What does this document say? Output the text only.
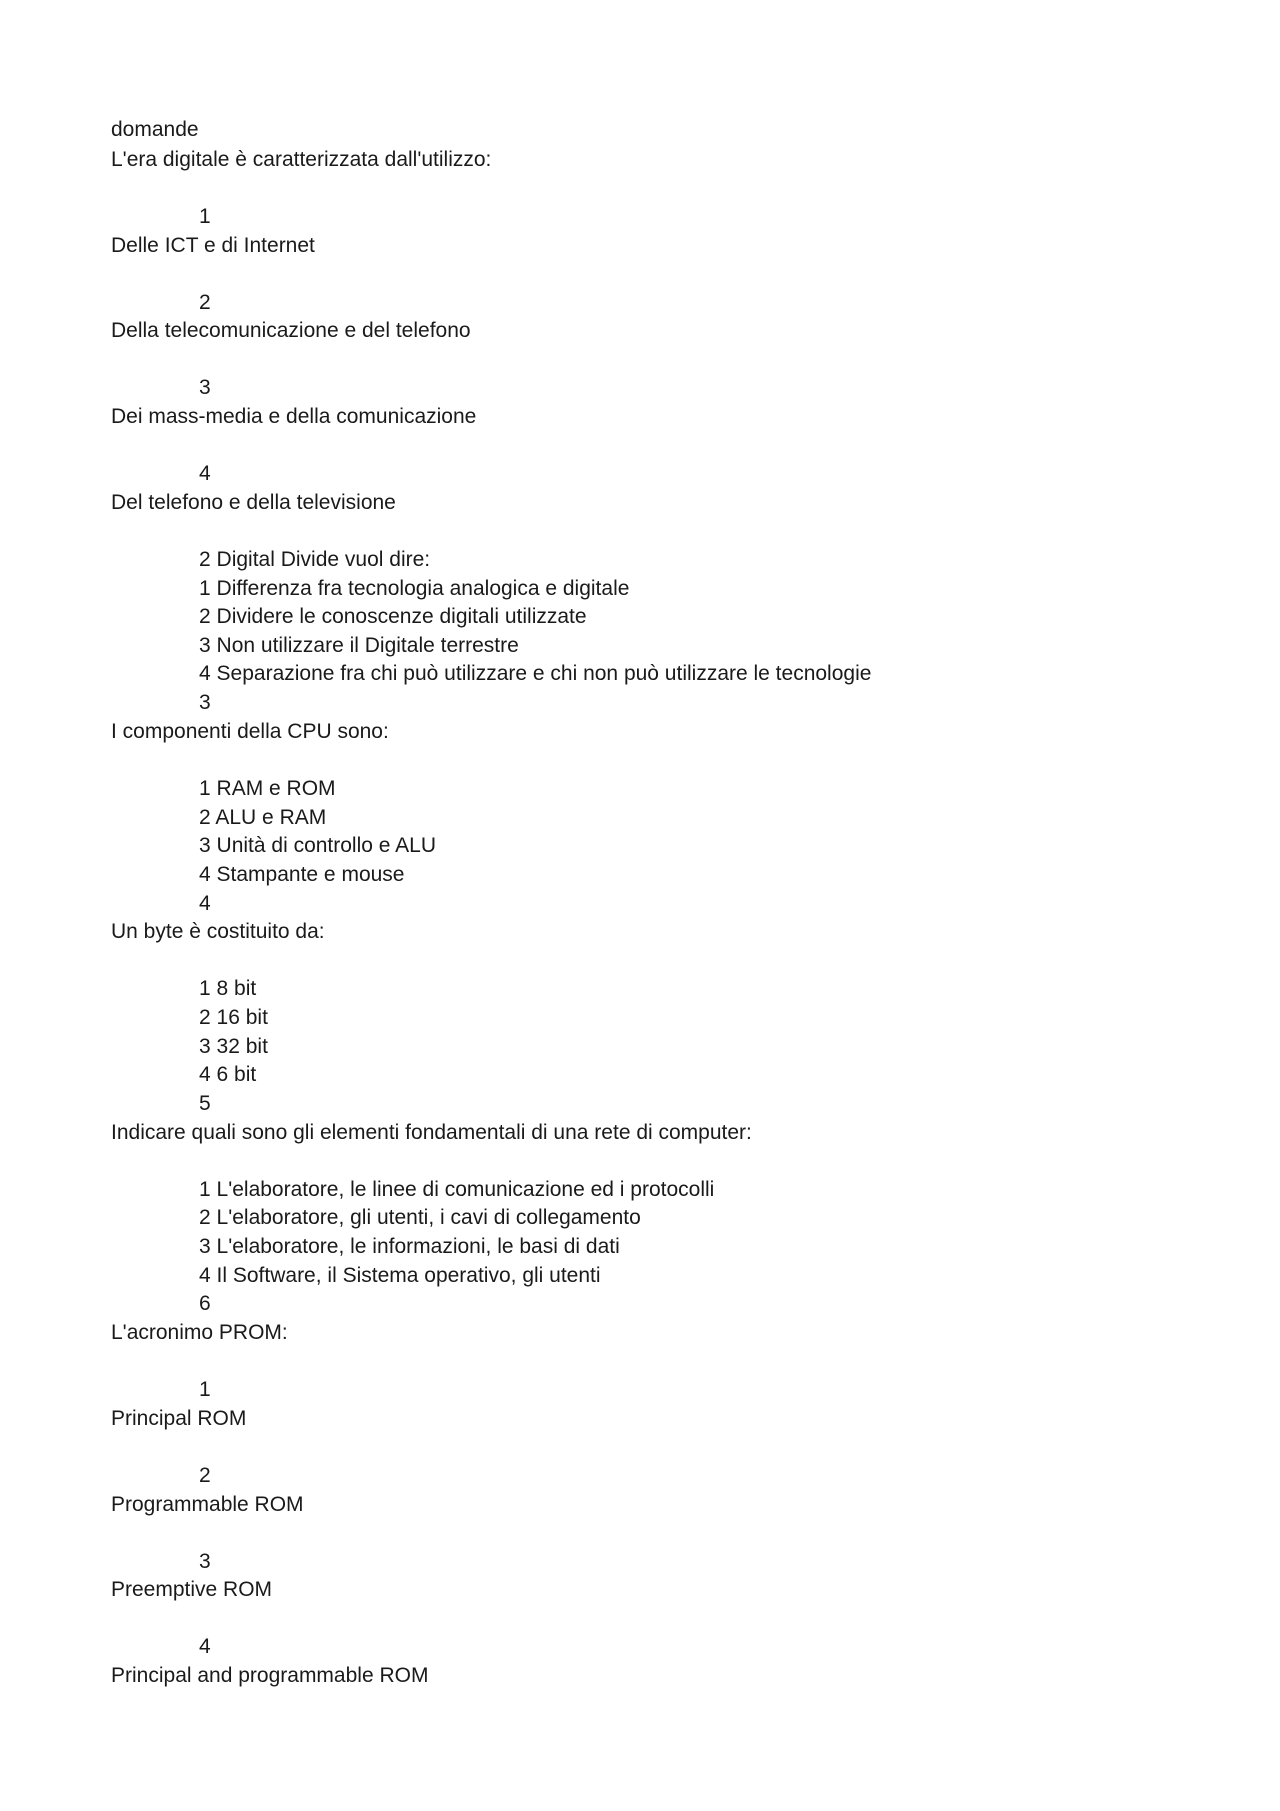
domande
L'era digitale è caratterizzata dall'utilizzo:
1
Delle ICT e di Internet
2
Della telecomunicazione e del telefono
3
Dei mass-media e della comunicazione
4
Del telefono e della televisione
2 Digital Divide vuol dire:
1 Differenza fra tecnologia analogica e digitale
2 Dividere le conoscenze digitali utilizzate
3 Non utilizzare il Digitale terrestre
4 Separazione fra chi può utilizzare e chi non può utilizzare le tecnologie
3
I componenti della CPU sono:
1 RAM e ROM
2 ALU e RAM
3 Unità di controllo e ALU
4 Stampante e mouse
4
Un byte è costituito da:
1 8 bit
2 16 bit
3 32 bit
4 6 bit
5
Indicare quali sono gli elementi fondamentali di una rete di computer:
1 L'elaboratore, le linee di comunicazione ed i protocolli
2 L'elaboratore, gli utenti, i cavi di collegamento
3 L'elaboratore, le informazioni, le basi di dati
4 Il Software, il Sistema operativo, gli utenti
6
L'acronimo PROM:
1
Principal ROM
2
Programmable ROM
3
Preemptive ROM
4
Principal and programmable ROM
